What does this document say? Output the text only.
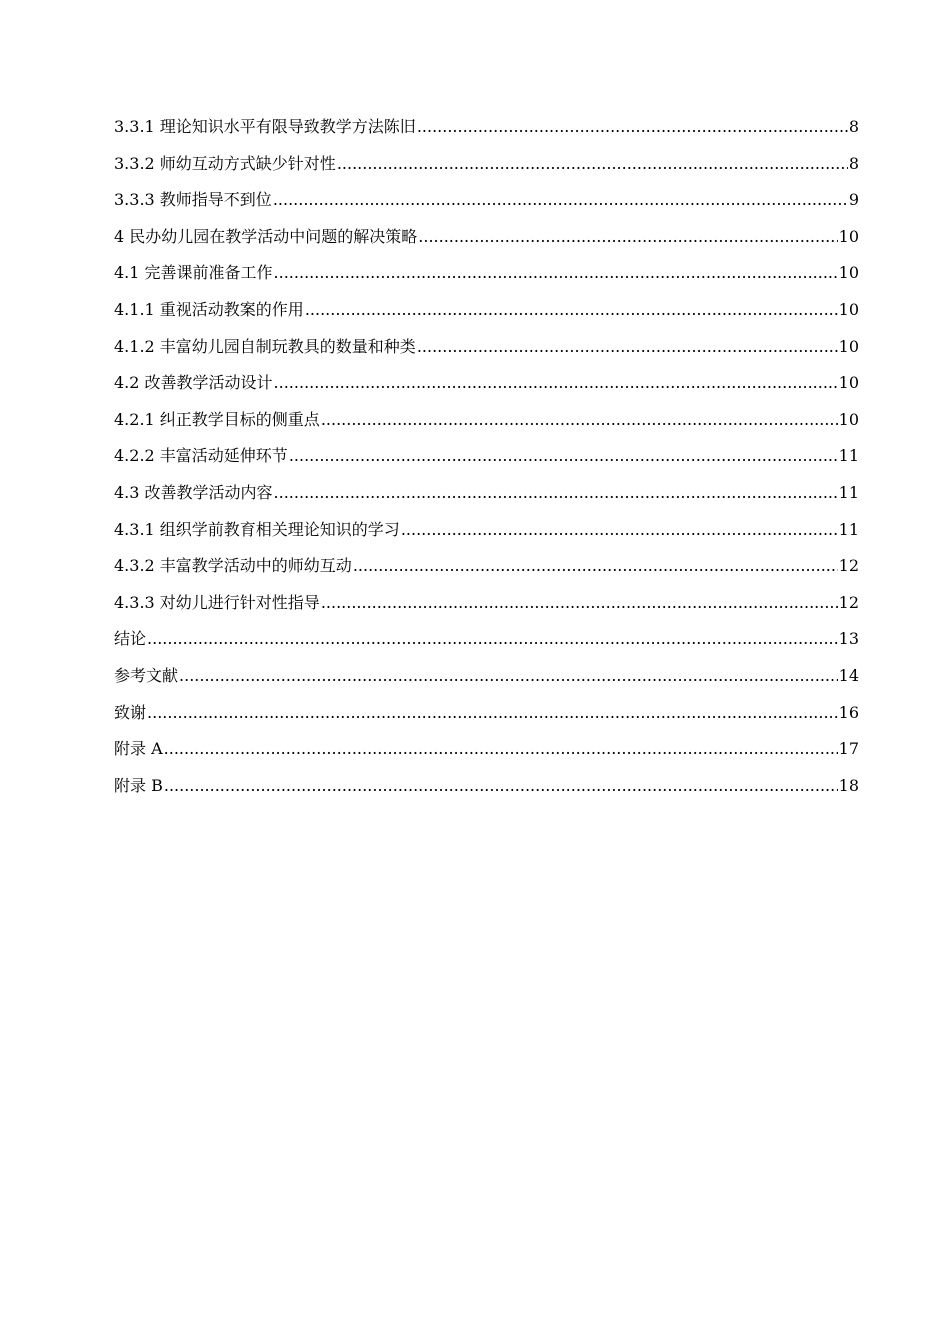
3.3.1 理论知识水平有限导致教学方法陈旧 .....	8
3.3.2 师幼互动方式缺少针对性 .....	8
3.3.3 教师指导不到位 .....	9
4 民办幼儿园在教学活动中问题的解决策略 .....	10
4.1 完善课前准备工作 .....	10
4.1.1 重视活动教案的作用 .....	10
4.1.2 丰富幼儿园自制玩教具的数量和种类 .....	10
4.2 改善教学活动设计 .....	10
4.2.1 纠正教学目标的侧重点 .....	10
4.2.2 丰富活动延伸环节 .....	11
4.3 改善教学活动内容 .....	11
4.3.1 组织学前教育相关理论知识的学习 .....	11
4.3.2 丰富教学活动中的师幼互动 .....	12
4.3.3 对幼儿进行针对性指导 .....	12
结论 .....	13
参考文献 .....	14
致谢 .....	16
附录 A .....	17
附录 B .....	18
